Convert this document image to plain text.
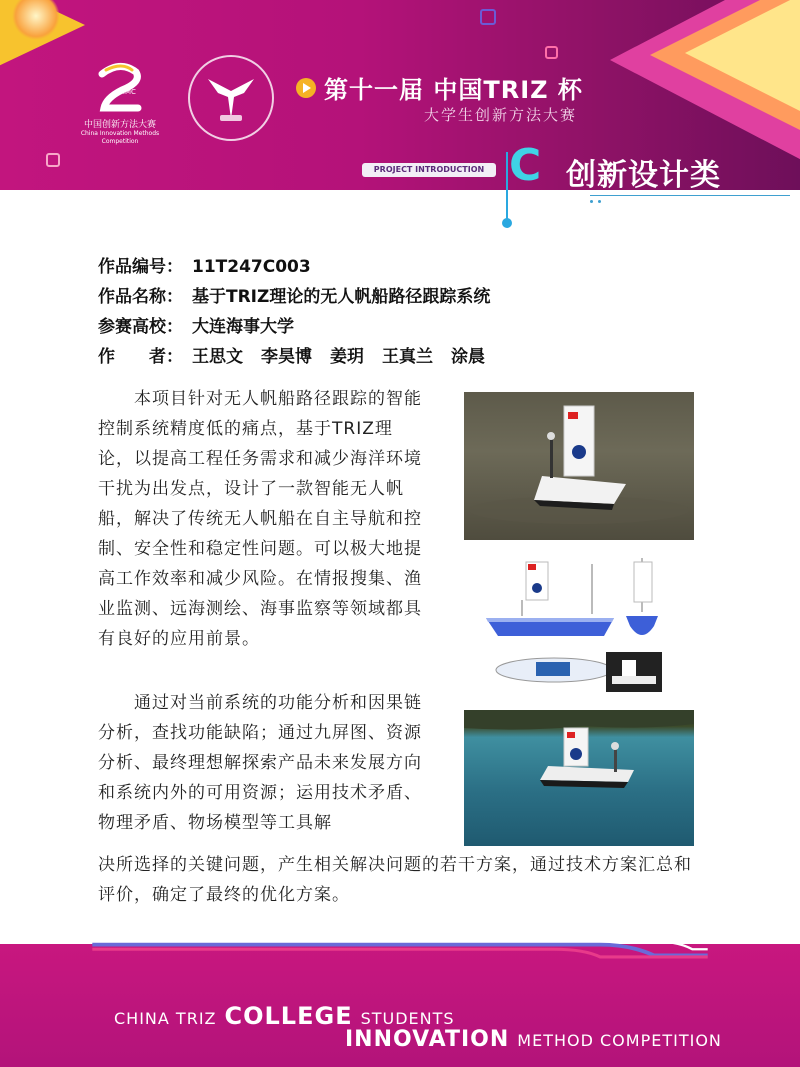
CIMC
中国创新方法大赛
China Innovation Methods Competition
第十一届 中国TRIZ 杯
大学生创新方法大赛
PROJECT INTRODUCTION C 创新设计类
作品编号： 11T247C003
作品名称： 基于TRIZ理论的无人帆船路径跟踪系统
参赛高校： 大连海事大学
作　　者： 王思文 李昊博 姜玥 王真兰 涂晨
　　本项目针对无人帆船路径跟踪的智能控制系统精度低的痛点，基于TRIZ理论，以提高工程任务需求和减少海洋环境干扰为出发点，设计了一款智能无人帆船，解决了传统无人帆船在自主导航和控制、安全性和稳定性问题。可以极大地提高工作效率和减少风险。在情报搜集、渔业监测、远海测绘、海事监察等领域都具有良好的应用前景。
　　通过对当前系统的功能分析和因果链分析，查找功能缺陷；通过九屏图、资源分析、最终理想解探索产品未来发展方向和系统内外的可用资源；运用技术矛盾、物理矛盾、物场模型等工具解
决所选择的关键问题，产生相关解决问题的若干方案，通过技术方案汇总和评价，确定了最终的优化方案。
CHINA TRIZ COLLEGE STUDENTS
INNOVATION METHOD COMPETITION
